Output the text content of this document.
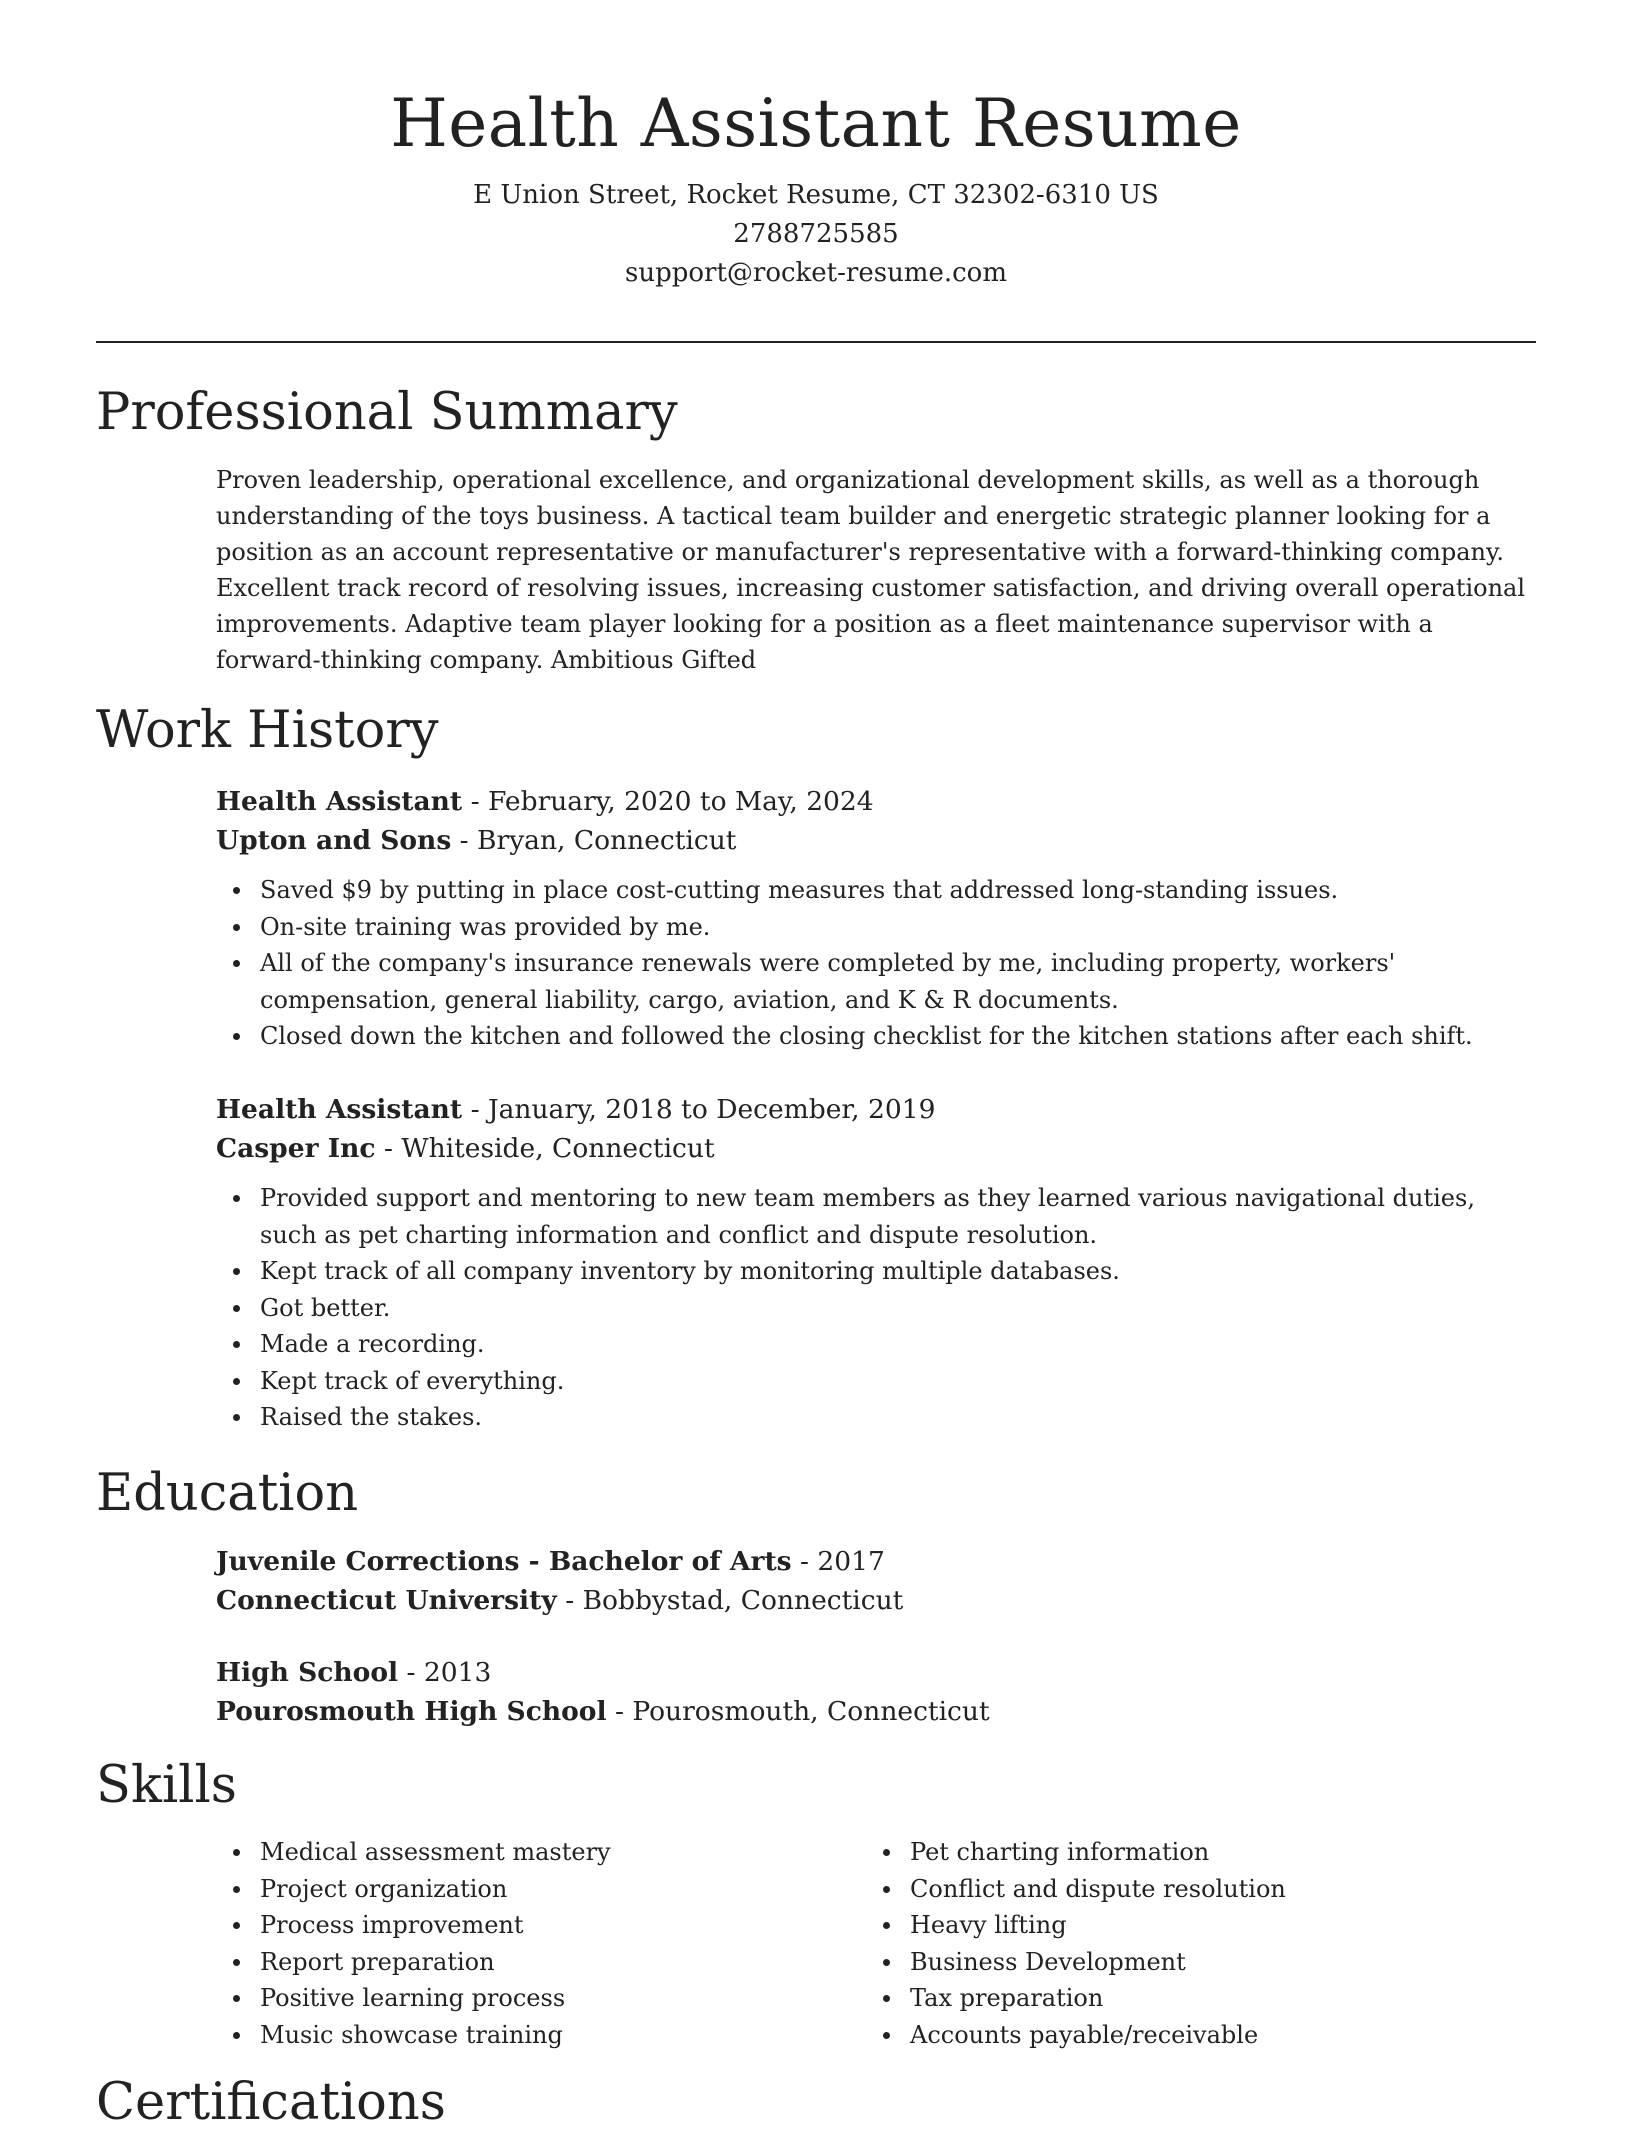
Health Assistant Resume
E Union Street, Rocket Resume, CT 32302-6310 US
2788725585
support@rocket-resume.com
Professional Summary
Proven leadership, operational excellence, and organizational development skills, as well as a thorough understanding of the toys business. A tactical team builder and energetic strategic planner looking for a position as an account representative or manufacturer's representative with a forward-thinking company. Excellent track record of resolving issues, increasing customer satisfaction, and driving overall operational improvements. Adaptive team player looking for a position as a fleet maintenance supervisor with a forward-thinking company. Ambitious Gifted
Work History
Health Assistant - February, 2020 to May, 2024
Upton and Sons - Bryan, Connecticut
Saved $9 by putting in place cost-cutting measures that addressed long-standing issues.
On-site training was provided by me.
All of the company's insurance renewals were completed by me, including property, workers' compensation, general liability, cargo, aviation, and K & R documents.
Closed down the kitchen and followed the closing checklist for the kitchen stations after each shift.
Health Assistant - January, 2018 to December, 2019
Casper Inc - Whiteside, Connecticut
Provided support and mentoring to new team members as they learned various navigational duties, such as pet charting information and conflict and dispute resolution.
Kept track of all company inventory by monitoring multiple databases.
Got better.
Made a recording.
Kept track of everything.
Raised the stakes.
Education
Juvenile Corrections - Bachelor of Arts - 2017
Connecticut University - Bobbystad, Connecticut
High School - 2013
Pourosmouth High School - Pourosmouth, Connecticut
Skills
Medical assessment mastery
Project organization
Process improvement
Report preparation
Positive learning process
Music showcase training
Pet charting information
Conflict and dispute resolution
Heavy lifting
Business Development
Tax preparation
Accounts payable/receivable
Certifications
